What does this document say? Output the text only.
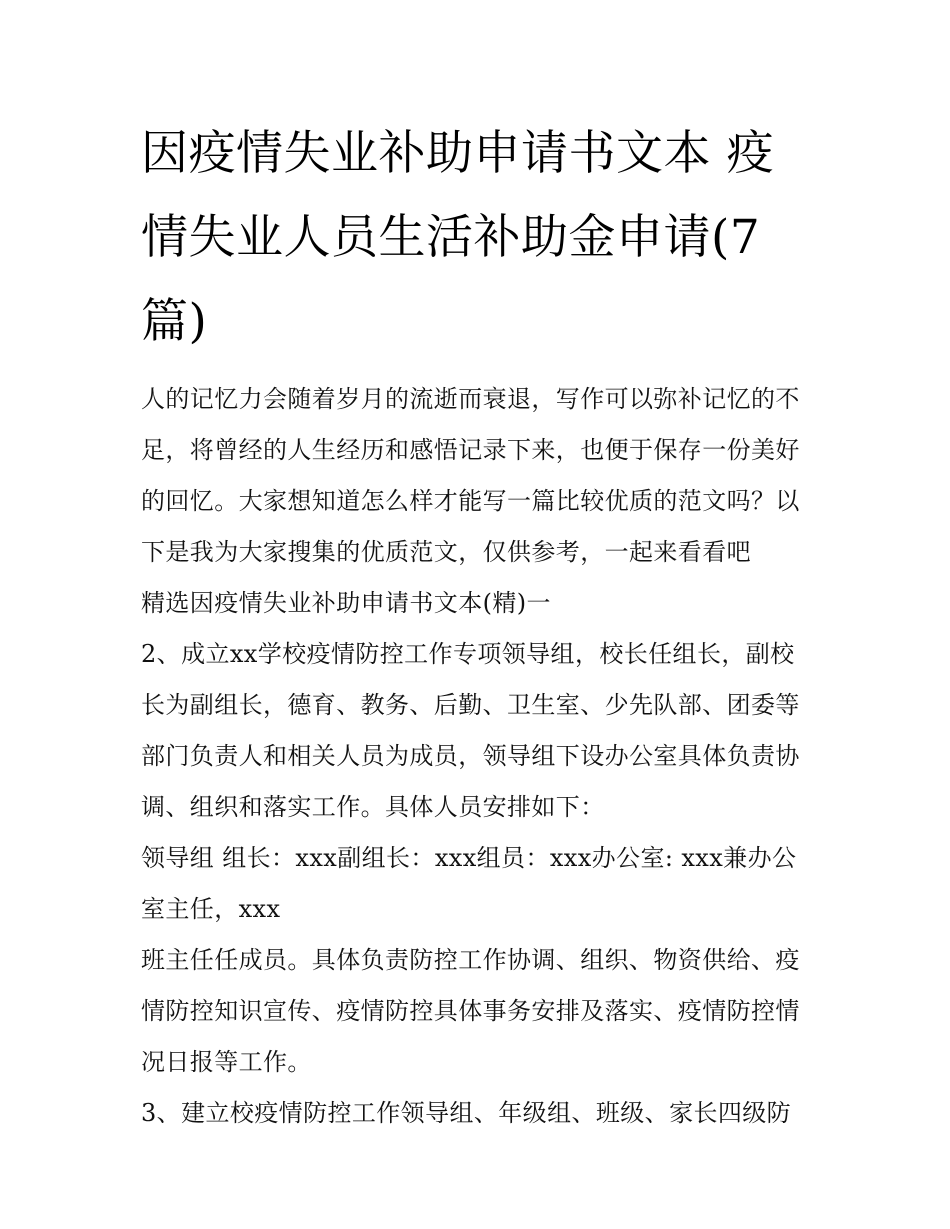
因疫情失业补助申请书文本 疫情失业人员生活补助金申请(7篇)

人的记忆力会随着岁月的流逝而衰退，写作可以弥补记忆的不足，将曾经的人生经历和感悟记录下来，也便于保存一份美好的回忆。大家想知道怎么样才能写一篇比较优质的范文吗？以下是我为大家搜集的优质范文，仅供参考，一起来看看吧

精选因疫情失业补助申请书文本(精)一

2、成立xx学校疫情防控工作专项领导组，校长任组长，副校长为副组长，德育、教务、后勤、卫生室、少先队部、团委等部门负责人和相关人员为成员，领导组下设办公室具体负责协调、组织和落实工作。具体人员安排如下：

领导组 组长：xxx副组长：xxx组员：xxx办公室: xxx兼办公室主任，xxx

班主任任成员。具体负责防控工作协调、组织、物资供给、疫情防控知识宣传、疫情防控具体事务安排及落实、疫情防控情况日报等工作。

3、建立校疫情防控工作领导组、年级组、班级、家长四级防
